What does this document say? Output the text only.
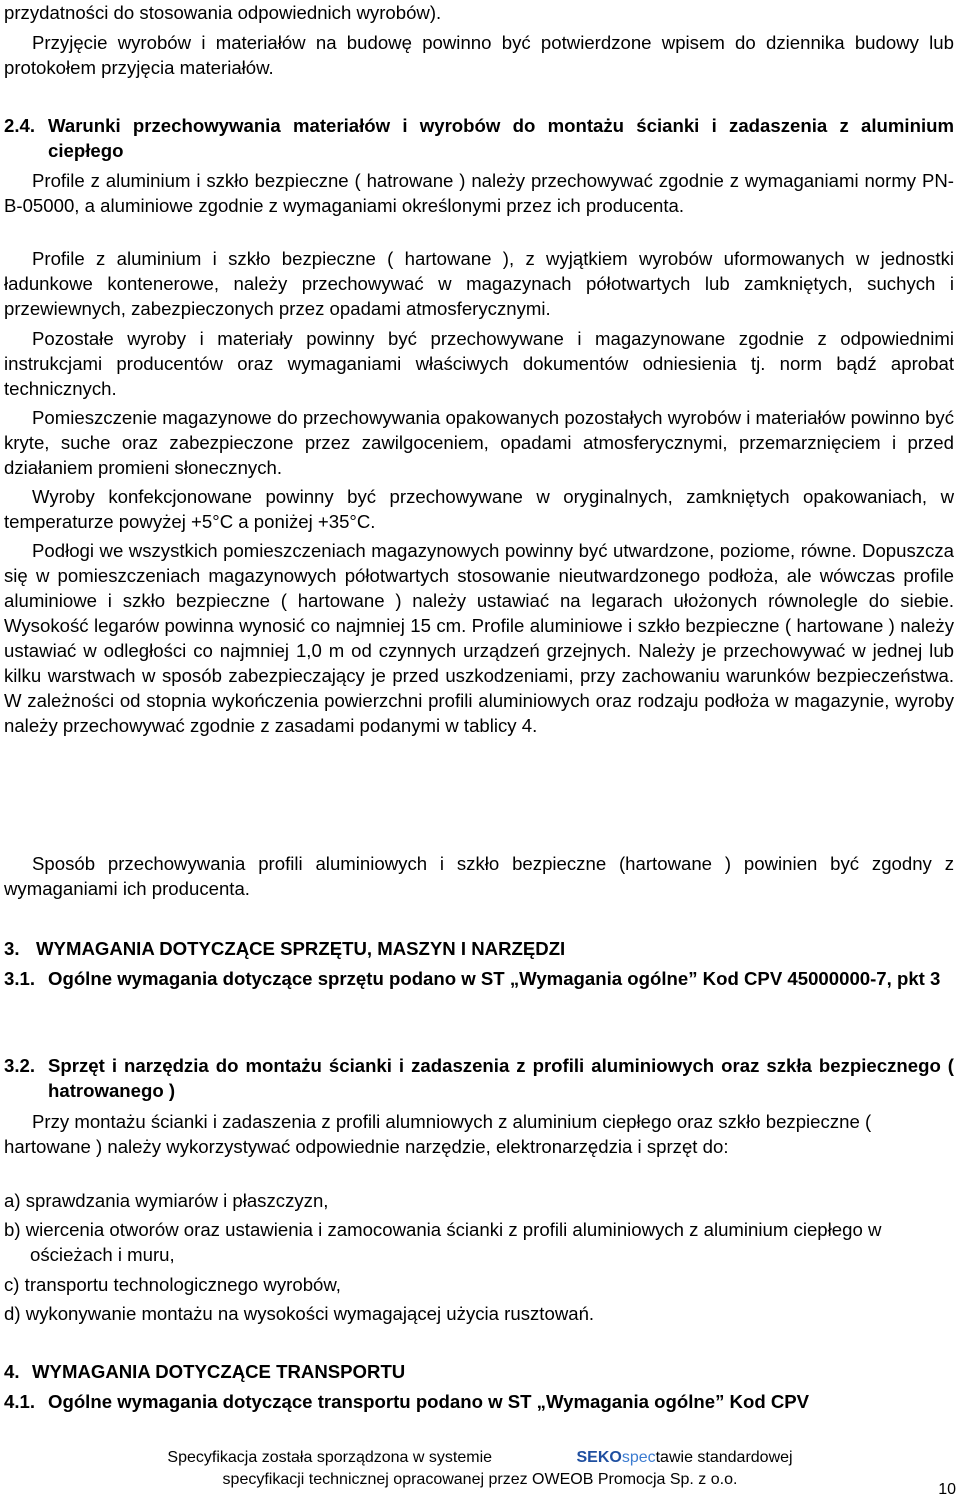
przydatności do stosowania odpowiednich wyrobów).
Przyjęcie wyrobów i materiałów na budowę powinno być potwierdzone wpisem do dziennika budowy lub protokołem przyjęcia materiałów.
2.4. Warunki przechowywania materiałów i wyrobów do montażu ścianki i zadaszenia z aluminium ciepłego
Profile z aluminium i szkło bezpieczne ( hatrowane ) należy przechowywać zgodnie z wymaganiami normy PN-B-05000, a aluminiowe zgodnie z wymaganiami określonymi przez ich producenta.
Profile z aluminium i szkło bezpieczne ( hartowane ), z wyjątkiem wyrobów uformowanych w jednostki ładunkowe kontenerowe, należy przechowywać w magazynach półotwartych lub zamkniętych, suchych i przewiewnych, zabezpieczonych przez opadami atmosferycznymi.
Pozostałe wyroby i materiały powinny być przechowywane i magazynowane zgodnie z odpowiednimi instrukcjami producentów oraz wymaganiami właściwych dokumentów odniesienia tj. norm bądź aprobat technicznych.
Pomieszczenie magazynowe do przechowywania opakowanych pozostałych wyrobów i materiałów powinno być kryte, suche oraz zabezpieczone przez zawilgoceniem, opadami atmosferycznymi, przemarznięciem i przed działaniem promieni słonecznych.
Wyroby konfekcjonowane powinny być przechowywane w oryginalnych, zamkniętych opakowaniach, w temperaturze powyżej +5°C a poniżej +35°C.
Podłogi we wszystkich pomieszczeniach magazynowych powinny być utwardzone, poziome, równe. Dopuszcza się w pomieszczeniach magazynowych półotwartych stosowanie nieutwardzonego podłoża, ale wówczas profile aluminiowe i szkło bezpieczne ( hartowane ) należy ustawiać na legarach ułożonych równolegle do siebie. Wysokość legarów powinna wynosić co najmniej 15 cm. Profile aluminiowe i szkło bezpieczne ( hartowane ) należy ustawiać w odległości co najmniej 1,0 m od czynnych urządzeń grzejnych. Należy je przechowywać w jednej lub kilku warstwach w sposób zabezpieczający je przed uszkodzeniami, przy zachowaniu warunków bezpieczeństwa. W zależności od stopnia wykończenia powierzchni profili aluminiowych oraz rodzaju podłoża w magazynie, wyroby należy przechowywać zgodnie z zasadami podanymi w tablicy 4.
Sposób przechowywania profili aluminiowych i szkło bezpieczne (hartowane ) powinien być zgodny z wymaganiami ich producenta.
3. WYMAGANIA DOTYCZĄCE SPRZĘTU, MASZYN I NARZĘDZI
3.1. Ogólne wymagania dotyczące sprzętu podano w ST „Wymagania ogólne” Kod CPV 45000000-7, pkt 3
3.2. Sprzęt i narzędzia do montażu ścianki i zadaszenia z profili aluminiowych oraz szkła bezpiecznego ( hatrowanego )
Przy montażu ścianki i zadaszenia z profili alumniowych z aluminium ciepłego oraz szkło bezpieczne ( hartowane ) należy wykorzystywać odpowiednie narzędzie, elektronarzędzia i sprzęt do:
a) sprawdzania wymiarów i płaszczyzn,
b) wiercenia otworów oraz ustawienia i zamocowania ścianki z profili aluminiowych z aluminium ciepłego w ościeżach i muru,
c) transportu technologicznego wyrobów,
d) wykonywanie montażu na wysokości wymagającej użycia rusztowań.
4. WYMAGANIA DOTYCZĄCE TRANSPORTU
4.1. Ogólne wymagania dotyczące transportu podano w ST „Wymagania ogólne” Kod CPV
Specyfikacja została sporządzona w systemie	SEKOspectawie standardowej
specyfikacji technicznej opracowanej przez OWEOB Promocja Sp. z o.o.
10
